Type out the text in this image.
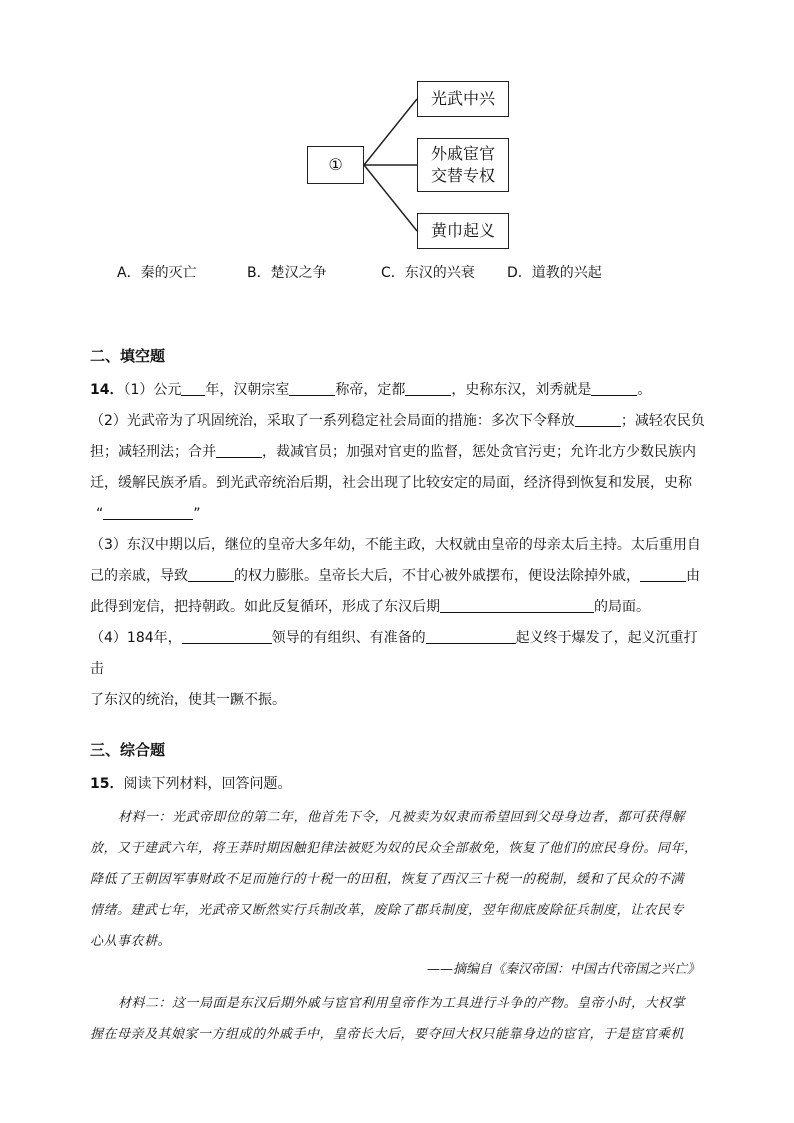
①
光武中兴
外戚宦官
交替专权
黄巾起义
A．秦的灭亡	B．楚汉之争	C．东汉的兴衰	D．道教的兴起
二、填空题
14．（1）公元 年，汉朝宗室	称帝，定都	，史称东汉，刘秀就是	。
（2）光武帝为了巩固统治，采取了一系列稳定社会局面的措施：多次下令释放	；减轻农民负
担；减轻刑法；合并	，裁减官员；加强对官吏的监督，惩处贪官污吏；允许北方少数民族内
迁，缓解民族矛盾。到光武帝统治后期，社会出现了比较安定的局面，经济得到恢复和发展，史称
“	”
（3）东汉中期以后，继位的皇帝大多年幼，不能主政，大权就由皇帝的母亲太后主持。太后重用自
己的亲戚，导致	的权力膨胀。皇帝长大后，不甘心被外戚摆布，便设法除掉外戚，	由
此得到宠信，把持朝政。如此反复循环，形成了东汉后期	的局面。
（4）184年，	领导的有组织、有准备的	起义终于爆发了，起义沉重打击
了东汉的统治，使其一蹶不振。
三、综合题
15．阅读下列材料，回答问题。
材料一：光武帝即位的第二年，他首先下令，凡被卖为奴隶而希望回到父母身边者，都可获得解
放，又于建武六年，将王莽时期因触犯律法被贬为奴的民众全部赦免，恢复了他们的庶民身份。同年，
降低了王朝因军事财政不足而施行的十税一的田租，恢复了西汉三十税一的税制，缓和了民众的不满
情绪。建武七年，光武帝又断然实行兵制改革，废除了郡兵制度，翌年彻底废除征兵制度，让农民专
心从事农耕。
——摘编自《秦汉帝国：中国古代帝国之兴亡》
材料二：这一局面是东汉后期外戚与宦官利用皇帝作为工具进行斗争的产物。皇帝小时，大权掌
握在母亲及其娘家一方组成的外戚手中，皇帝长大后，要夺回大权只能靠身边的宦官，于是宦官乘机
